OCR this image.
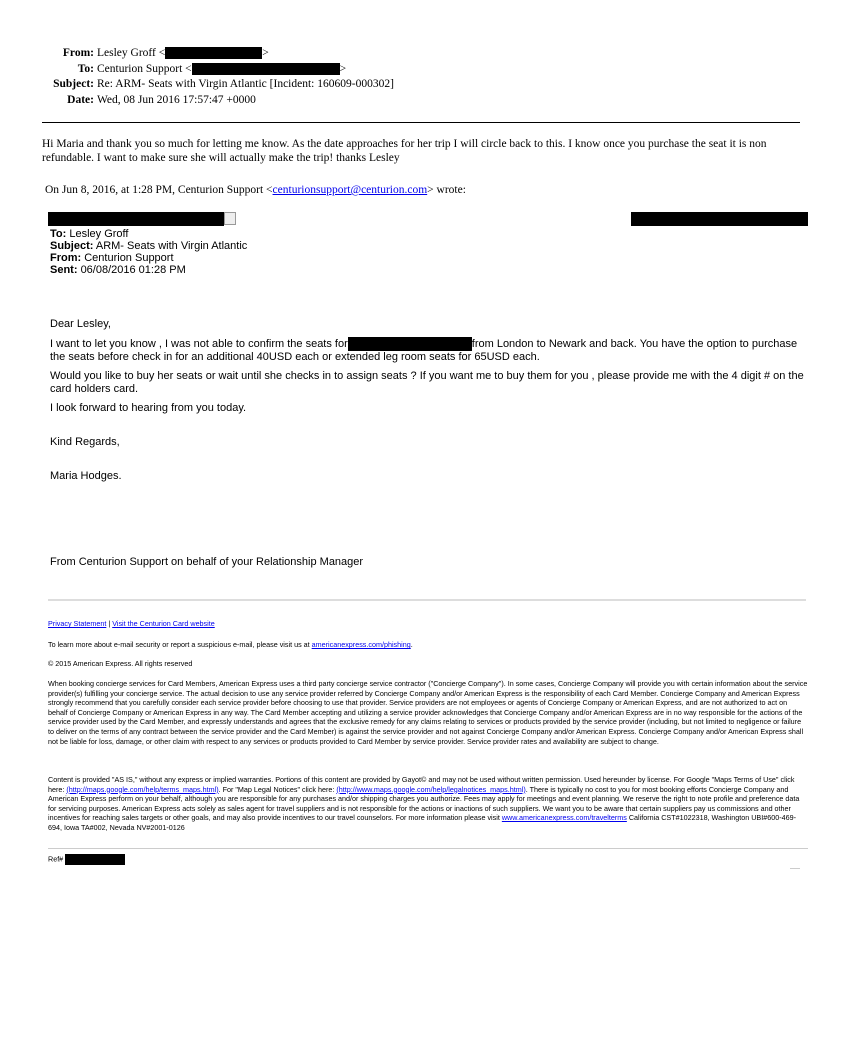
From: Lesley Groff <	>
To: Centurion Support <	>
Subject: Re: ARM- Seats with Virgin Atlantic [Incident: 160609-000302]
Date: Wed, 08 Jun 2016 17:57:47 +0000
Hi Maria and thank you so much for letting me know. As the date approaches for her trip I will circle back to this. I know once you purchase the seat it is non refundable. I want to make sure she will actually make the trip! thanks Lesley
On Jun 8, 2016, at 1:28 PM, Centurion Support <centurionsupport@centurion.com> wrote:
To: Lesley Groff
Subject: ARM- Seats with Virgin Atlantic
From: Centurion Support
Sent: 06/08/2016 01:28 PM

Dear Lesley,

I want to let you know , I was not able to confirm the seats for	from London to Newark and back. You have the option to purchase the seats before check in for an additional 40USD each or extended leg room seats for 65USD each.

Would you like to buy her seats or wait until she checks in to assign seats ? If you want me to buy them for you , please provide me with the 4 digit # on the card holders card.

I look forward to hearing from you today.

Kind Regards,

Maria Hodges.

From Centurion Support on behalf of your Relationship Manager

Privacy Statement | Visit the Centurion Card website
To learn more about e-mail security or report a suspicious e-mail, please visit us at americanexpress.com/phishing.
© 2015 American Express. All rights reserved
When booking concierge services for Card Members, American Express uses a third party concierge service contractor ("Concierge Company"). In some cases, Concierge Company will provide you with certain information about the service provider(s) fulfilling your concierge service. The actual decision to use any service provider referred by Concierge Company and/or American Express is the responsibility of each Card Member. Concierge Company and American Express strongly recommend that you carefully consider each service provider before choosing to use that provider. Service providers are not employees or agents of Concierge Company or American Express, and are not authorized to act on behalf of Concierge Company or American Express in any way. The Card Member accepting and utilizing a service provider acknowledges that Concierge Company and/or American Express are in no way responsible for the actions of the service provider used by the Card Member, and expressly understands and agrees that the exclusive remedy for any claims relating to services or products provided by the service provider (including, but not limited to negligence or failure to deliver on the terms of any contract between the service provider and the Card Member) is against the service provider and not against Concierge Company and/or American Express. Concierge Company and/or American Express shall not be liable for loss, damage, or other claim with respect to any services or products provided to Card Member by service provider. Service provider rates and availability are subject to change.
Content is provided "AS IS," without any express or implied warranties. Portions of this content are provided by Gayot© and may not be used without written permission. Used hereunder by license. For Google "Maps Terms of Use" click here: (http://maps.google.com/help/terms_maps.html). For "Map Legal Notices" click here: (http://www.maps.google.com/help/legalnotices_maps.html). There is typically no cost to you for most booking efforts Concierge Company and American Express perform on your behalf, although you are responsible for any purchases and/or shipping charges you authorize. Fees may apply for meetings and event planning. We reserve the right to note profile and preference data for servicing purposes. American Express acts solely as sales agent for travel suppliers and is not responsible for the actions or inactions of such suppliers. We want you to be aware that certain suppliers pay us commissions and other incentives for reaching sales targets or other goals, and may also provide incentives to our travel counselors. For more information please visit www.americanexpress.com/travelterms California CST#1022318, Washington UBI#600-469-694, Iowa TA#002, Nevada NV#2001-0126
Ref#
